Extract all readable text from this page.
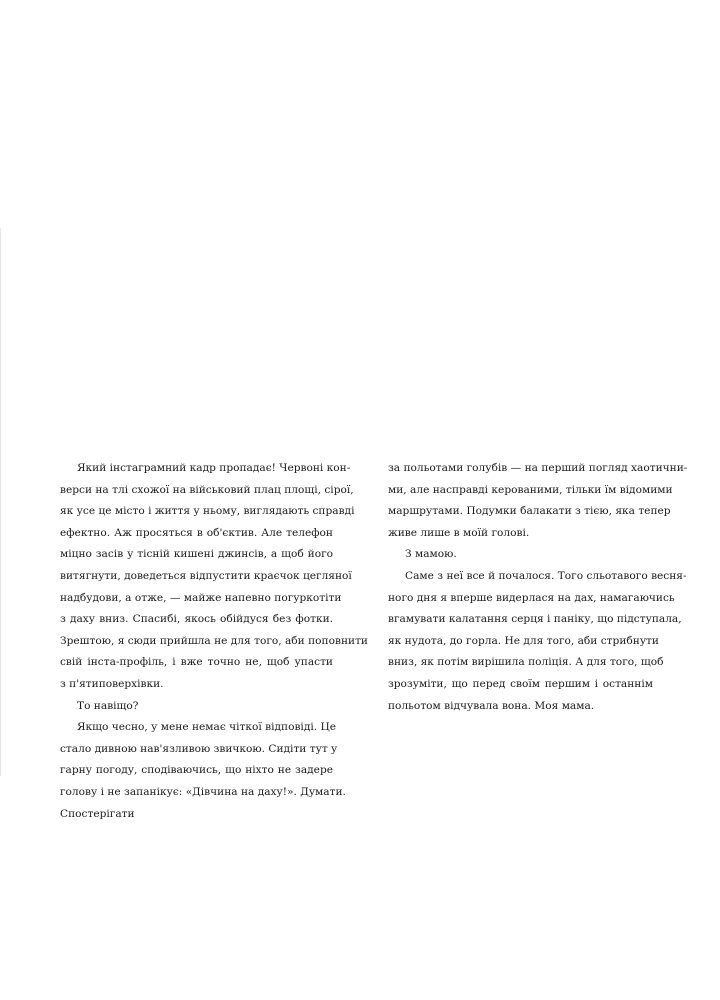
Який інстаграмний кадр пропадає! Червоні кон-
верси на тлі схожої на військовий плац площі, сірої,
як усе це місто і життя у ньому, виглядають справді
ефектно. Аж просяться в об'єктив. Але телефон
міцно засів у тісній кишені джинсів, а щоб його
витягнути, доведеться відпустити краєчок цегляної
надбудови, а отже, — майже напевно погуркотіти
з даху вниз. Спасибі, якось обійдуся без фотки.
Зрештою, я сюди прийшла не для того, аби поповнити
свій інста-профіль, і вже точно не, щоб упасти
з п'ятиповерхівки.
То навіщо?
Якщо чесно, у мене немає чіткої відповіді. Це
стало дивною нав'язливою звичкою. Сидіти тут у
гарну погоду, сподіваючись, що ніхто не задере
голову і не запанікує: «Дівчина на даху!». Думати.
Спостерігати
за польотами голубів — на перший погляд хаотични-
ми, але насправді керованими, тільки їм відомими
маршрутами. Подумки балакати з тією, яка тепер
живе лише в моїй голові.
З мамою.
Саме з неї все й почалося. Того сльотавого весня-
ного дня я вперше видерлася на дах, намагаючись
вгамувати калатання серця і паніку, що підступала,
як нудота, до горла. Не для того, аби стрибнути
вниз, як потім вирішила поліція. А для того, щоб
зрозуміти, що перед своїм першим і останнім
польотом відчувала вона. Моя мама.
